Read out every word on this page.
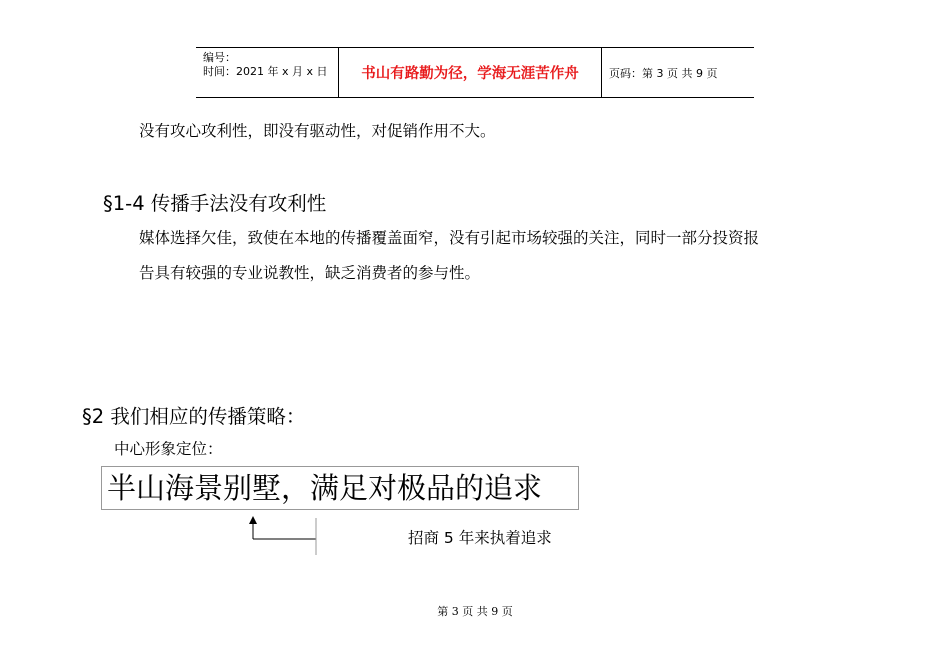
编号：
时间：2021 年 x 月 x 日	书山有路勤为径，学海无涯苦作舟	页码：第 3 页 共 9 页
没有攻心攻利性，即没有驱动性，对促销作用不大。
§1-4 传播手法没有攻利性
媒体选择欠佳，致使在本地的传播覆盖面窄，没有引起市场较强的关注，同时一部分投资报
告具有较强的专业说教性，缺乏消费者的参与性。
§2 我们相应的传播策略：
中心形象定位：
半山海景别墅，满足对极品的追求
招商 5 年来执着追求
第 3 页 共 9 页
